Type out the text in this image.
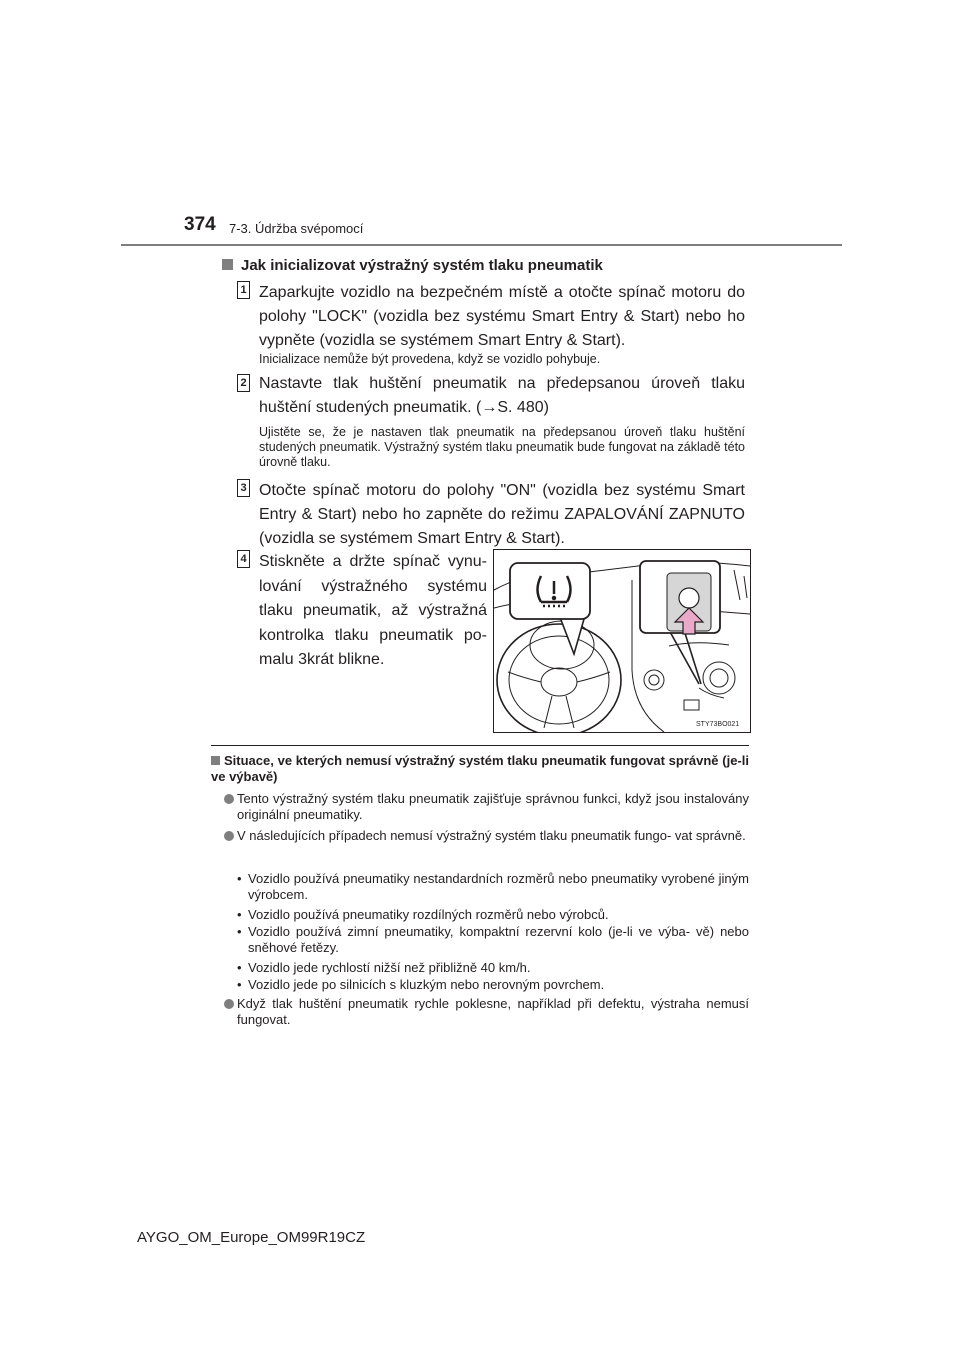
374 7-3. Údržba svépomocí
Jak inicializovat výstražný systém tlaku pneumatik
1 Zaparkujte vozidlo na bezpečném místě a otočte spínač motoru do polohy "LOCK" (vozidla bez systému Smart Entry & Start) nebo ho vypněte (vozidla se systémem Smart Entry & Start).
Inicializace nemůže být provedena, když se vozidlo pohybuje.
2 Nastavte tlak huštění pneumatik na předepsanou úroveň tlaku huštění studených pneumatik. (→S. 480)
Ujistěte se, že je nastaven tlak pneumatik na předepsanou úroveň tlaku huštění studených pneumatik. Výstražný systém tlaku pneumatik bude fungovat na základě této úrovně tlaku.
3 Otočte spínač motoru do polohy "ON" (vozidla bez systému Smart Entry & Start) nebo ho zapněte do režimu ZAPALOVÁNÍ ZAPNUTO (vozidla se systémem Smart Entry & Start).
4 Stiskněte a držte spínač vynu- lování výstražného systému tlaku pneumatik, až výstražná kontrolka tlaku pneumatik po- malu 3krát blikne.
STY73BO021
Situace, ve kterých nemusí výstražný systém tlaku pneumatik fungovat správně (je-li ve výbavě)
Tento výstražný systém tlaku pneumatik zajišťuje správnou funkci, když jsou instalovány originální pneumatiky.
V následujících případech nemusí výstražný systém tlaku pneumatik fungo- vat správně.
• Vozidlo používá pneumatiky nestandardních rozměrů nebo pneumatiky vyrobené jiným výrobcem.
• Vozidlo používá pneumatiky rozdílných rozměrů nebo výrobců.
• Vozidlo používá zimní pneumatiky, kompaktní rezervní kolo (je-li ve výba- vě) nebo sněhové řetězy.
• Vozidlo jede rychlostí nižší než přibližně 40 km/h.
• Vozidlo jede po silnicích s kluzkým nebo nerovným povrchem.
Když tlak huštění pneumatik rychle poklesne, například při defektu, výstraha nemusí fungovat.
AYGO_OM_Europe_OM99R19CZ
